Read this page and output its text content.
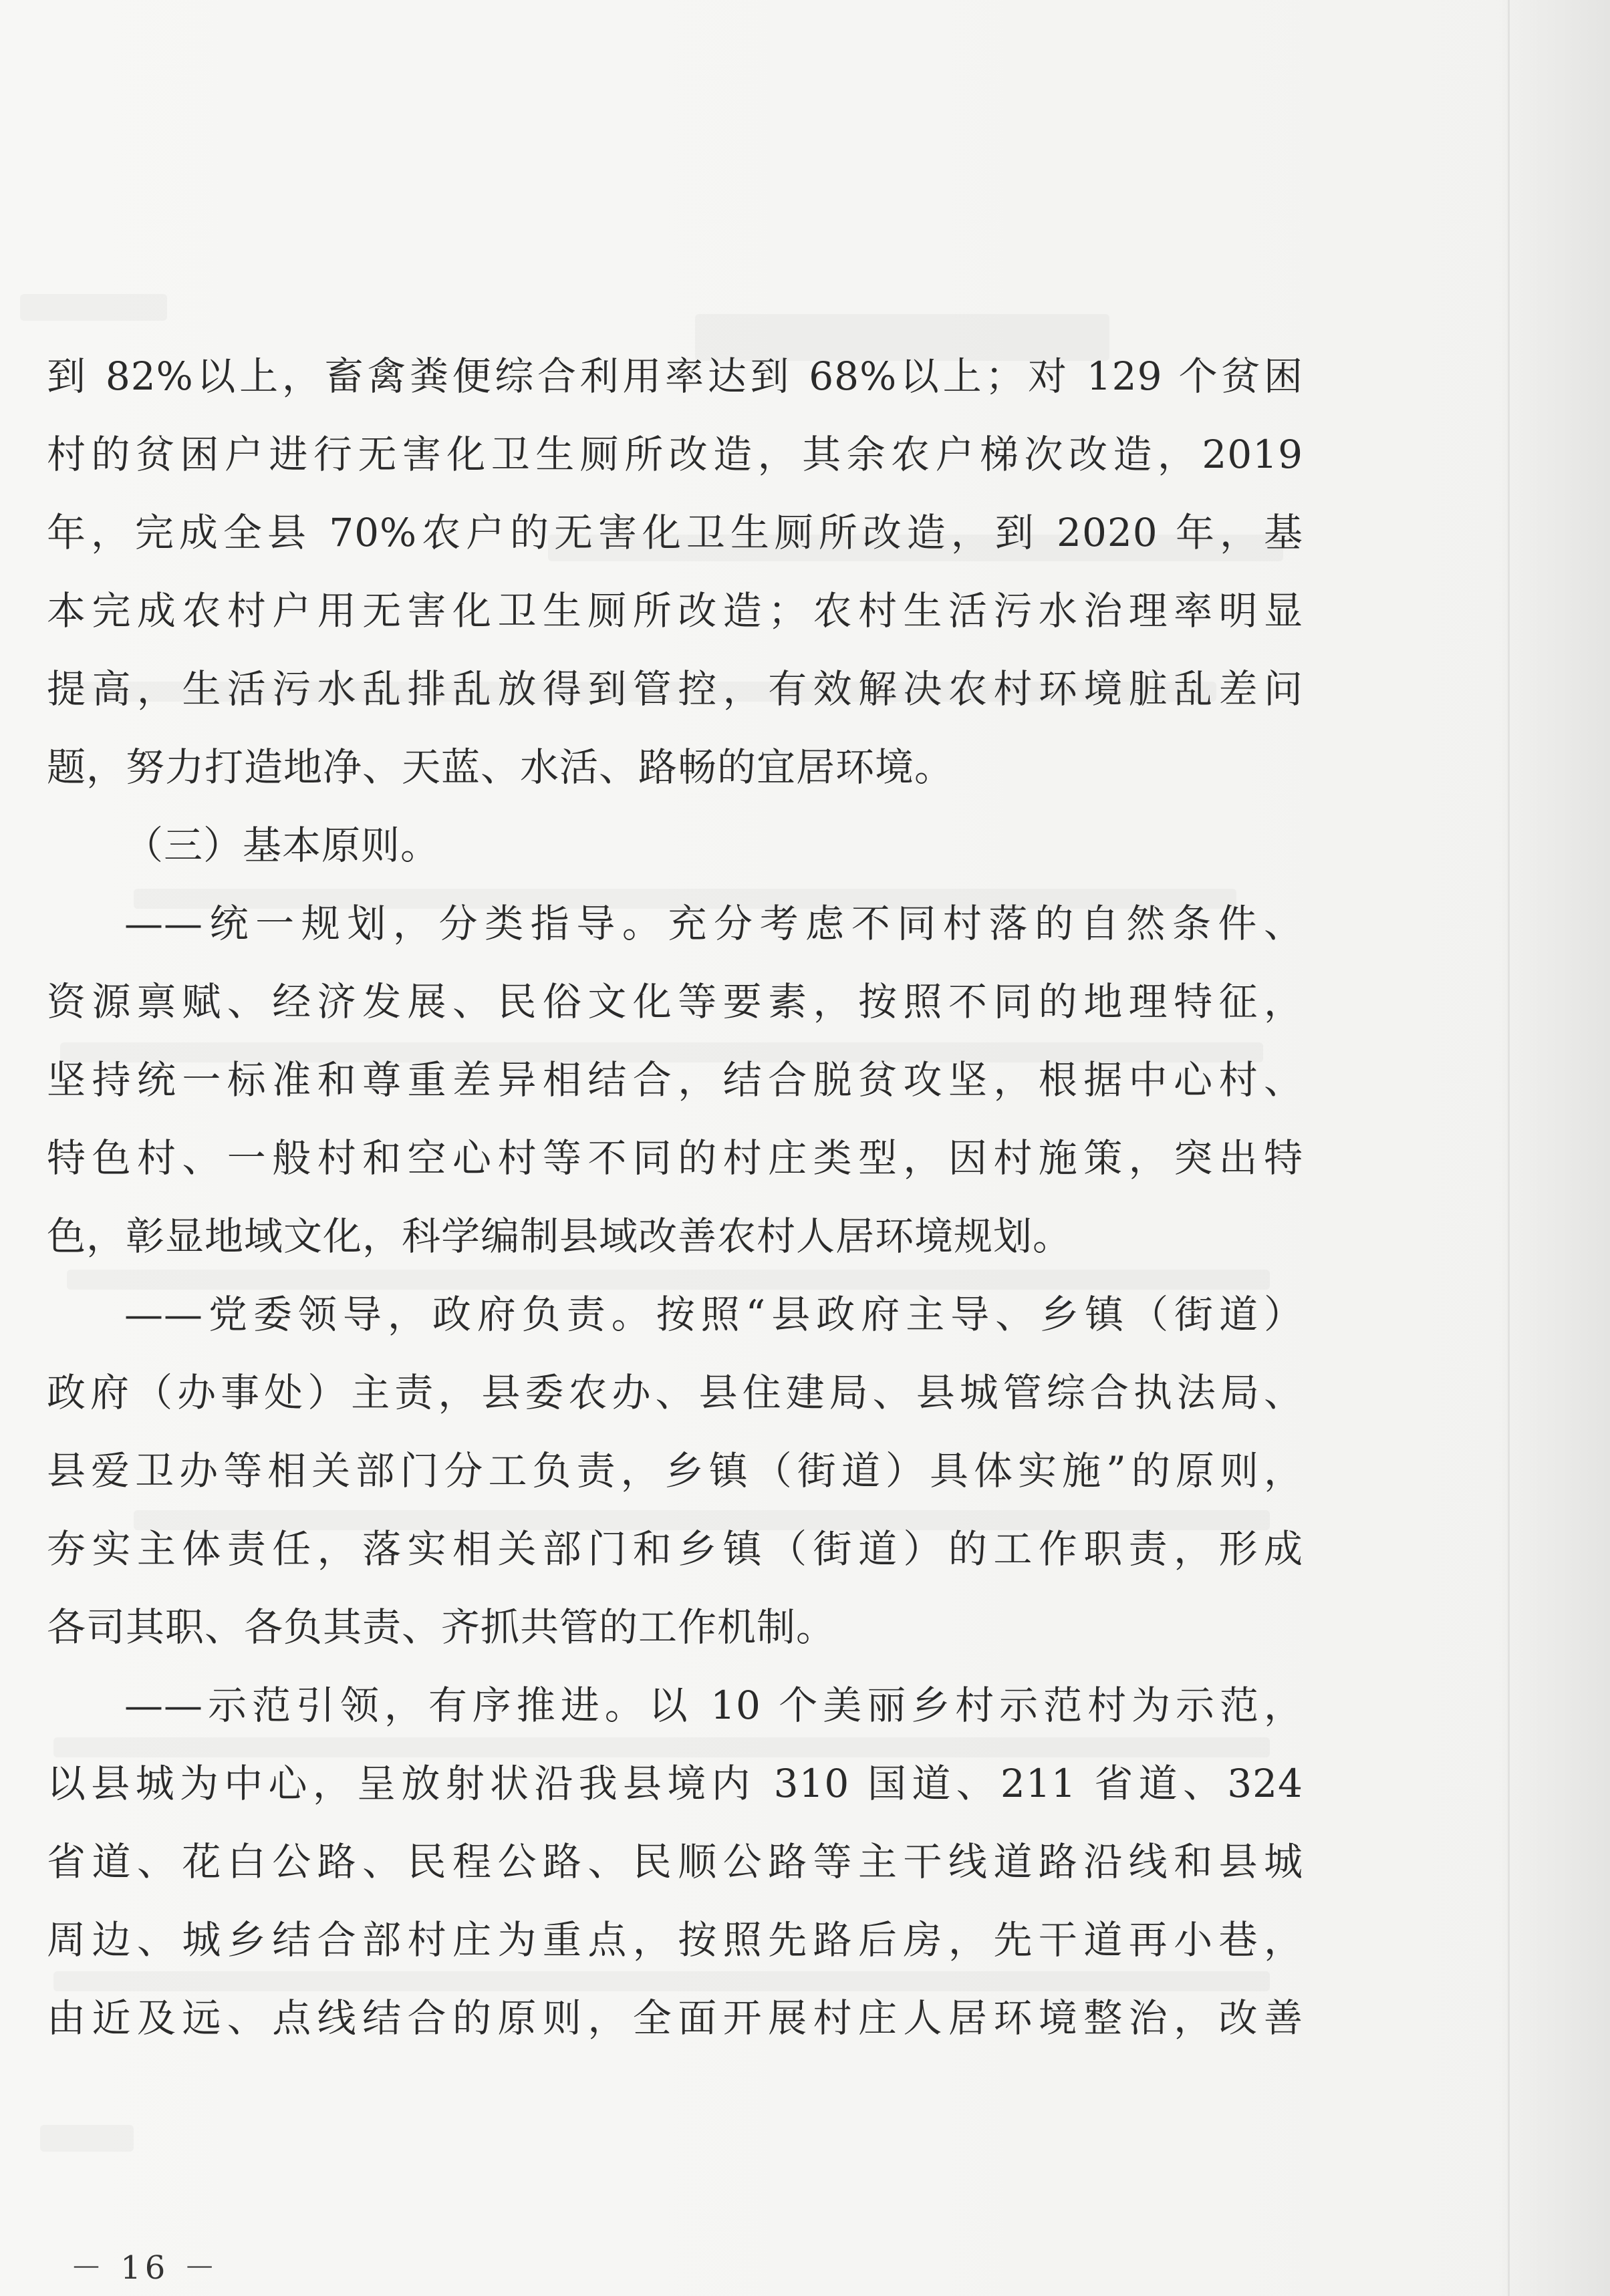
到 82%以上，畜禽粪便综合利用率达到 68%以上；对 129 个贫困
村的贫困户进行无害化卫生厕所改造，其余农户梯次改造，2019
年，完成全县 70%农户的无害化卫生厕所改造，到 2020 年，基
本完成农村户用无害化卫生厕所改造；农村生活污水治理率明显
提高，生活污水乱排乱放得到管控，有效解决农村环境脏乱差问
题，努力打造地净、天蓝、水活、路畅的宜居环境。
（三）基本原则。
——统一规划，分类指导。充分考虑不同村落的自然条件、
资源禀赋、经济发展、民俗文化等要素，按照不同的地理特征，
坚持统一标准和尊重差异相结合，结合脱贫攻坚，根据中心村、
特色村、一般村和空心村等不同的村庄类型，因村施策，突出特
色，彰显地域文化，科学编制县域改善农村人居环境规划。
——党委领导，政府负责。按照“县政府主导、乡镇（街道）
政府（办事处）主责，县委农办、县住建局、县城管综合执法局、
县爱卫办等相关部门分工负责，乡镇（街道）具体实施”的原则，
夯实主体责任，落实相关部门和乡镇（街道）的工作职责，形成
各司其职、各负其责、齐抓共管的工作机制。
——示范引领，有序推进。以 10 个美丽乡村示范村为示范，
以县城为中心，呈放射状沿我县境内 310 国道、211 省道、324
省道、花白公路、民程公路、民顺公路等主干线道路沿线和县城
周边、城乡结合部村庄为重点，按照先路后房，先干道再小巷，
由近及远、点线结合的原则，全面开展村庄人居环境整治，改善
－ 16 －
